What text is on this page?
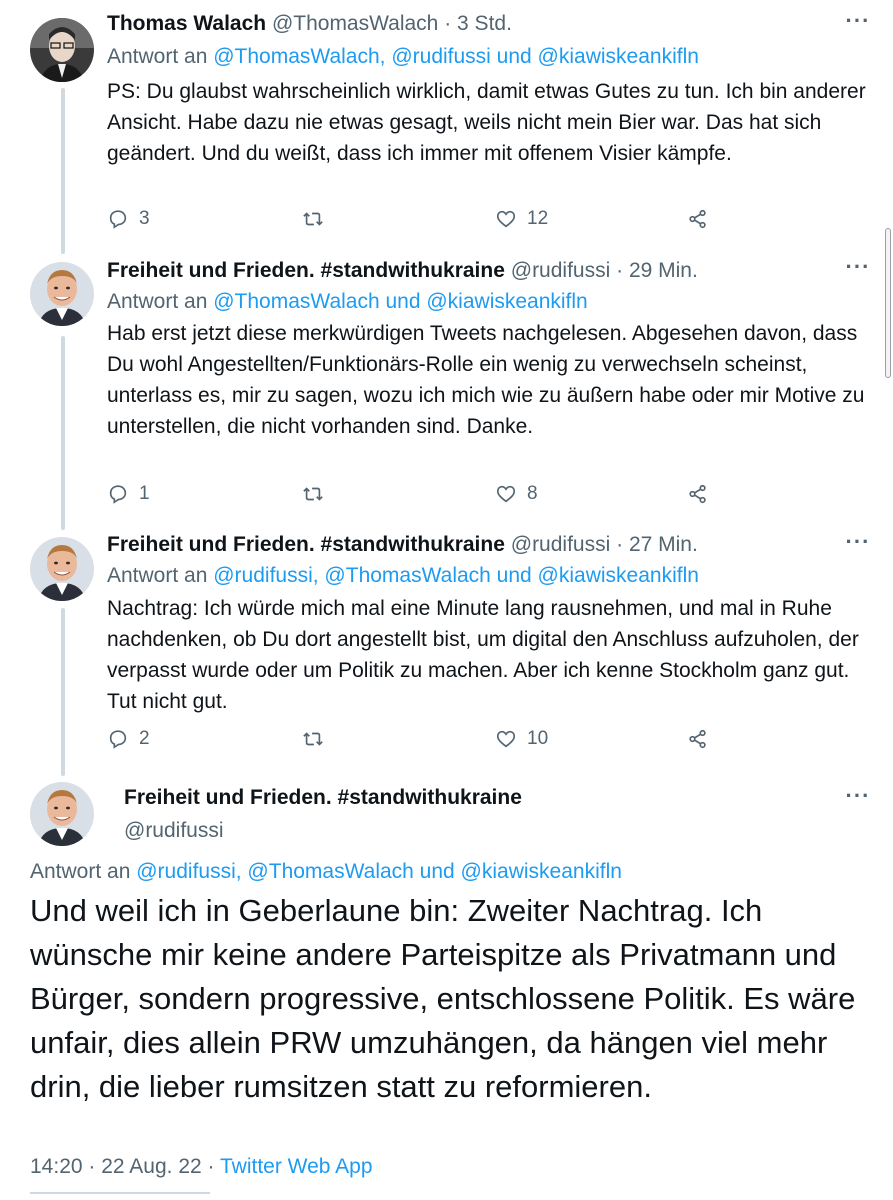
Thomas Walach @ThomasWalach · 3 Std.	···
Antwort an @ThomasWalach, @rudifussi und @kiawiskeankifln
PS: Du glaubst wahrscheinlich wirklich, damit etwas Gutes zu tun. Ich bin anderer Ansicht. Habe dazu nie etwas gesagt, weils nicht mein Bier war. Das hat sich geändert. Und du weißt, dass ich immer mit offenem Visier kämpfe.
3	12
Freiheit und Frieden. #standwithukraine @rudifussi · 29 Min.	···
Antwort an @ThomasWalach und @kiawiskeankifln
Hab erst jetzt diese merkwürdigen Tweets nachgelesen. Abgesehen davon, dass Du wohl Angestellten/Funktionärs-Rolle ein wenig zu verwechseln scheinst, unterlass es, mir zu sagen, wozu ich mich wie zu äußern habe oder mir Motive zu unterstellen, die nicht vorhanden sind. Danke.
1	8
Freiheit und Frieden. #standwithukraine @rudifussi · 27 Min.	···
Antwort an @rudifussi, @ThomasWalach und @kiawiskeankifln
Nachtrag: Ich würde mich mal eine Minute lang rausnehmen, und mal in Ruhe nachdenken, ob Du dort angestellt bist, um digital den Anschluss aufzuholen, der verpasst wurde oder um Politik zu machen. Aber ich kenne Stockholm ganz gut. Tut nicht gut.
2	10
Freiheit und Frieden. #standwithukraine
@rudifussi
···
Antwort an @rudifussi, @ThomasWalach und @kiawiskeankifln
Und weil ich in Geberlaune bin: Zweiter Nachtrag. Ich wünsche mir keine andere Parteispitze als Privatmann und Bürger, sondern progressive, entschlossene Politik. Es wäre unfair, dies allein PRW umzuhängen, da hängen viel mehr drin, die lieber rumsitzen statt zu reformieren.
14:20 · 22 Aug. 22 · Twitter Web App
